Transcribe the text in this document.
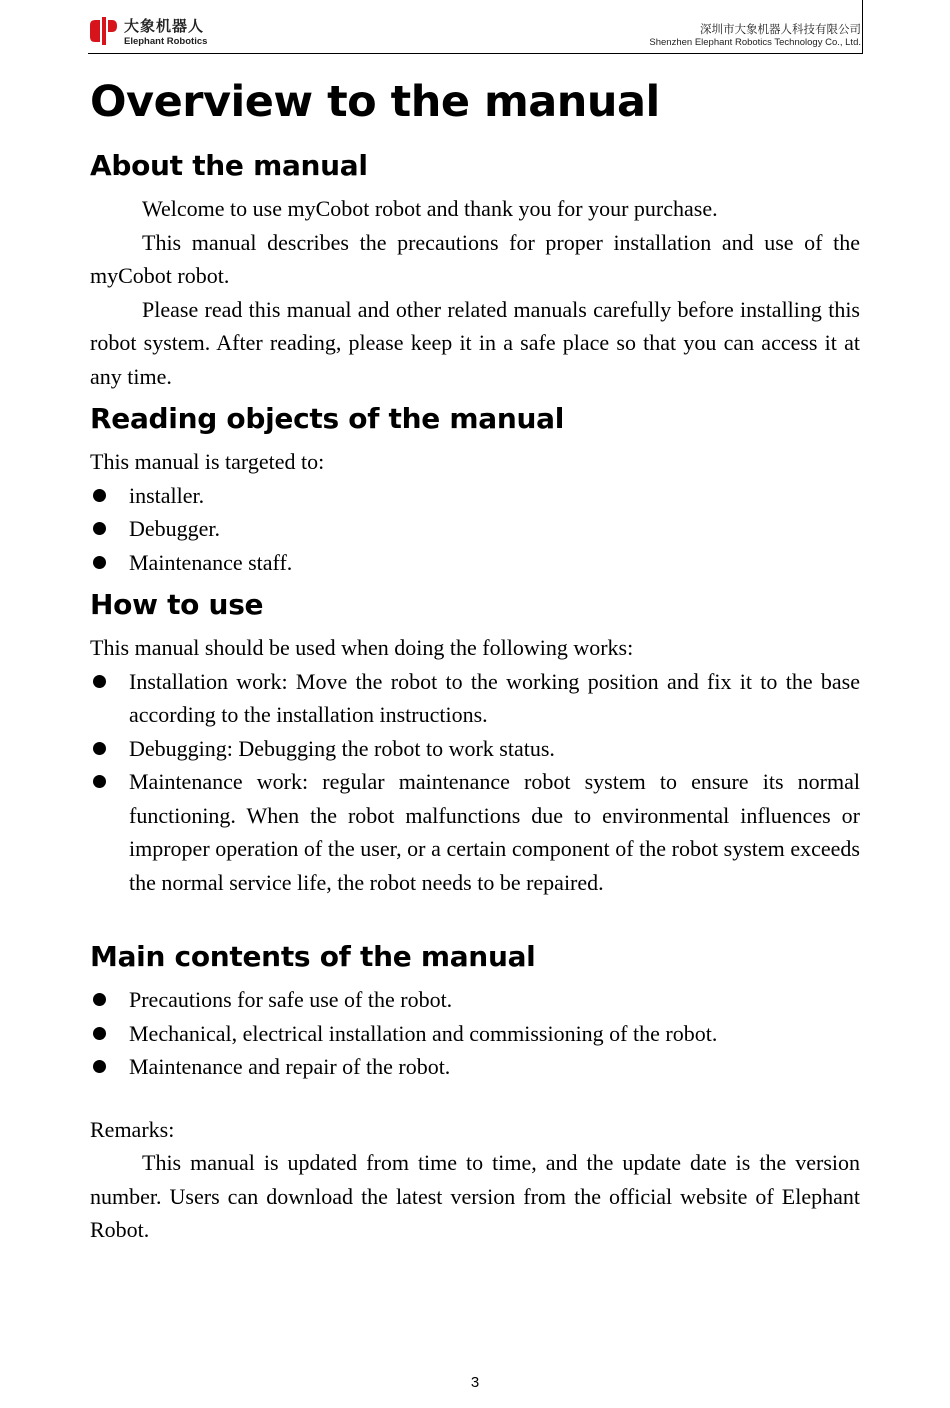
大象机器人
Elephant Robotics
深圳市大象机器人科技有限公司
Shenzhen Elephant Robotics Technology Co., Ltd.
Overview to the manual
About the manual

Welcome to use myCobot robot and thank you for your purchase.

This manual describes the precautions for proper installation and use of the myCobot robot.

Please read this manual and other related manuals carefully before installing this robot system. After reading, please keep it in a safe place so that you can access it at any time.

Reading objects of the manual

This manual is targeted to:

installer.
Debugger.
Maintenance staff.
How to use

This manual should be used when doing the following works:

Installation work: Move the robot to the working position and fix it to the base according to the installation instructions.
Debugging: Debugging the robot to work status.
Maintenance work: regular maintenance robot system to ensure its normal functioning. When the robot malfunctions due to environmental influences or improper operation of the user, or a certain component of the robot system exceeds the normal service life, the robot needs to be repaired.
Main contents of the manual
Precautions for safe use of the robot.
Mechanical, electrical installation and commissioning of the robot.
Maintenance and repair of the robot.

Remarks:

This manual is updated from time to time, and the update date is the version number. Users can download the latest version from the official website of Elephant Robot.

3
